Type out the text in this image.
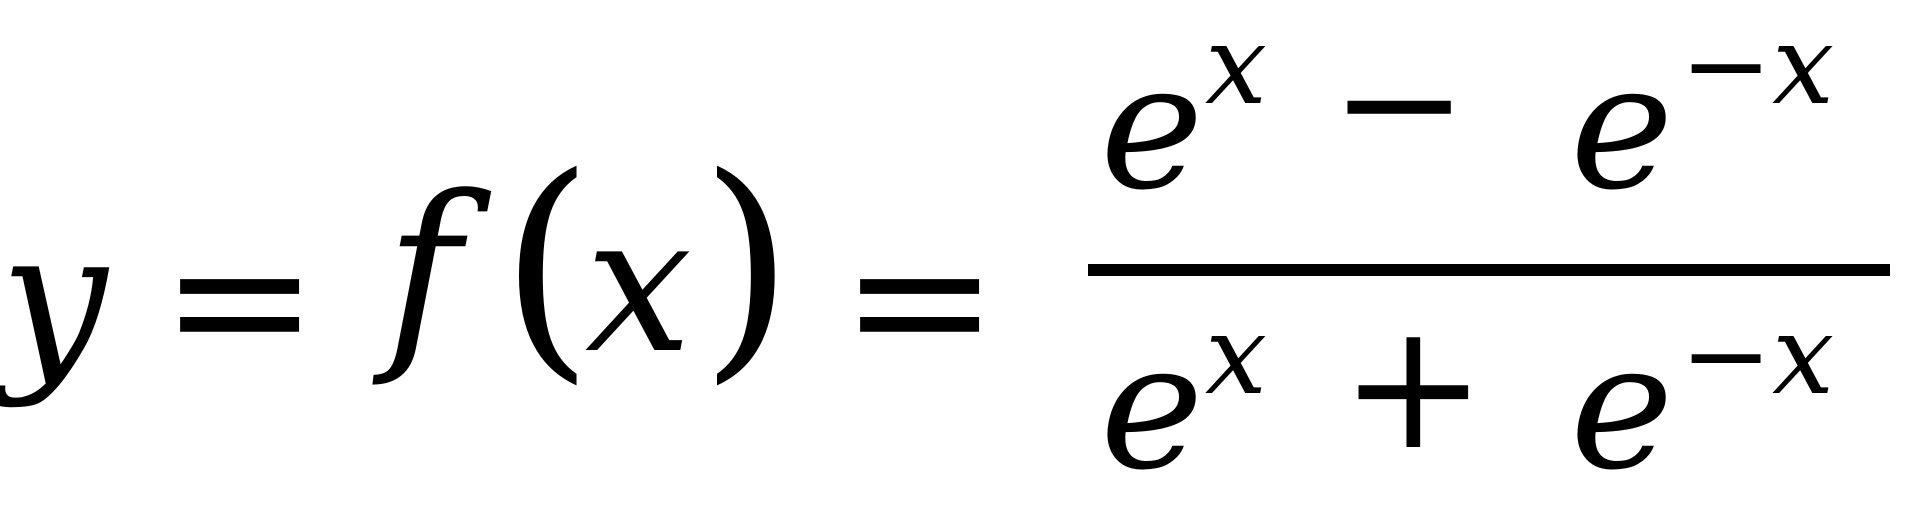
y = f (
x ) =
e x − e −x
e x + e −x
